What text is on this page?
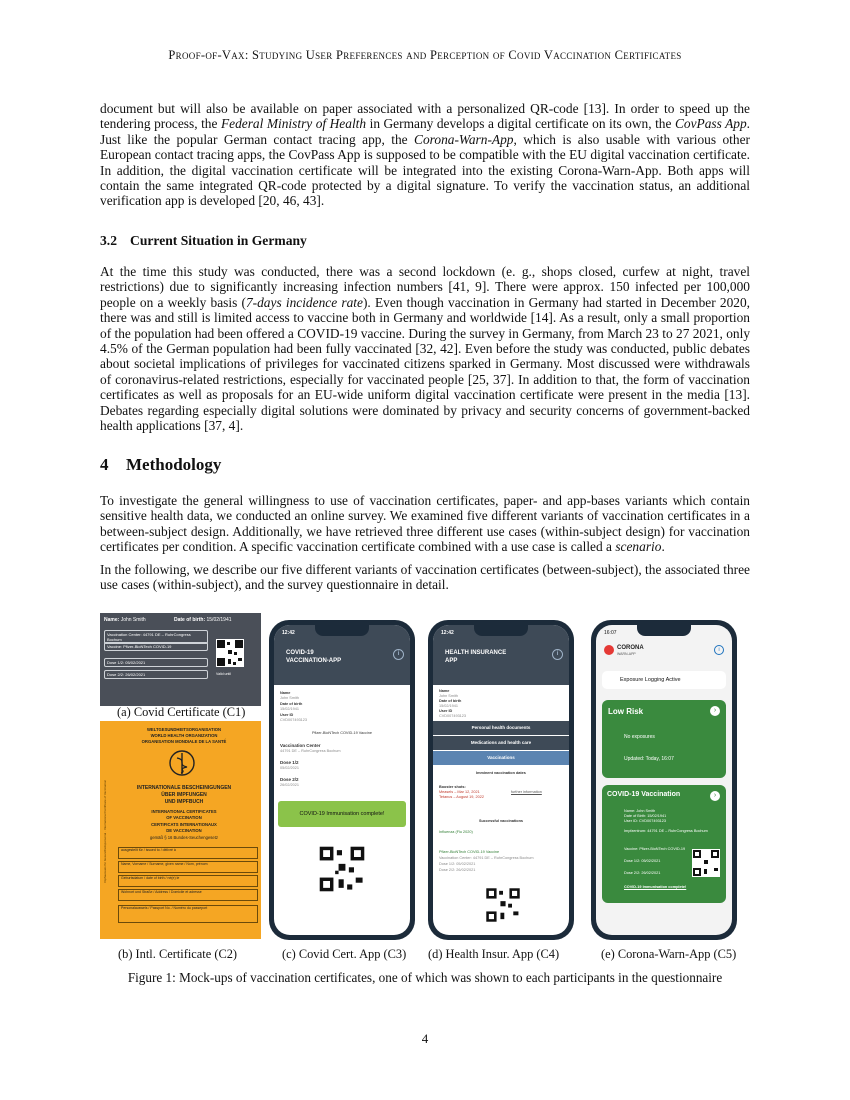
Proof-of-Vax: Studying User Preferences and Perception of Covid Vaccination Certificates

document but will also be available on paper associated with a personalized QR-code [13]. In order to speed up the tendering process, the Federal Ministry of Health in Germany develops a digital certificate on its own, the CovPass App. Just like the popular German contact tracing app, the Corona-Warn-App, which is also usable with various other European contact tracing apps, the CovPass App is supposed to be compatible with the EU digital vaccination certificate. In addition, the digital vaccination certificate will be integrated into the existing Corona-Warn-App. Both apps will contain the same integrated QR-code protected by a digital signature. To verify the vaccination status, an additional verification app is developed [20, 46, 43].

3.2 Current Situation in Germany

At the time this study was conducted, there was a second lockdown (e. g., shops closed, curfew at night, travel restrictions) due to significantly increasing infection numbers [41, 9]. There were approx. 150 infected per 100,000 people on a weekly basis (7-days incidence rate). Even though vaccination in Germany had started in December 2020, there was and still is limited access to vaccine both in Germany and worldwide [14]. As a result, only a small proportion of the population had been offered a COVID-19 vaccine. During the survey in Germany, from March 23 to 27 2021, only 4.5% of the German population had been fully vaccinated [32, 42]. Even before the study was conducted, public debates about societal implications of privileges for vaccinated citizens sparked in Germany. Most discussed were withdrawals of coronavirus-related restrictions, especially for vaccinated people [25, 37]. In addition to that, the form of vaccination certificates as well as proposals for an EU-wide uniform digital vaccination certificate were present in the media [13]. Debates regarding especially digital solutions were dominated by privacy and security concerns of government-backed health applications [37, 4].

4 Methodology

To investigate the general willingness to use of vaccination certificates, paper- and app-bases variants which contain sensitive health data, we conducted an online survey. We examined five different variants of vaccination certificates in a between-subject design. Additionally, we have retrieved three different use cases (within-subject design) for vaccination certificates per condition. A specific vaccination certificate combined with a use case is called a scenario.

In the following, we describe our five different variants of vaccination certificates (between-subject), the associated three use cases (within-subject), and the survey questionnaire in detail.

Name: John Smith	Date of birth: 15/02/1941
Vaccination Center: 44791 DE – RuhrCongress Bochum
Vaccine: Pfizer-BioNTech COVID-19
Dose 1/2: 05/02/2021
Dose 2/2: 26/02/2021	Valid until
(a) Covid Certificate (C1)
Impfausweis für Gesundheitspersonal · International Certificate of Vaccination
WELTGESUNDHEITSORGANISATION
WORLD HEALTH ORGANIZATION
ORGANISATION MONDIALE DE LA SANTÉ
INTERNATIONALE BESCHEINIGUNGEN
ÜBER IMPFUNGEN
UND IMPFBUCH
INTERNATIONAL CERTIFICATES
OF VACCINATION
CERTIFICATS INTERNATIONAUX
DE VACCINATION
gemäß § 16 Bundes-Seuchengesetz
ausgestellt für / issued to / délivré à
Name, Vorname / Surname, given name / Nom, prénom
Geburtsdatum / date of birth / né(e) le
Wohnort und Straße / Address / Domicile et adresse
Personalausweis / Passport No. / Numéro du passeport
(b) Intl. Certificate (C2)
12:42
COVID-19
VACCINATION-APP
i
Name
John Smith
Date of birth
15/02/1941
User ID
CVD007493123
Pfizer-BioNTech COVID-19 Vaccine
Vaccination Center
44791 DE – RuhrCongress Bochum
Dose 1/2
05/02/2021
Dose 2/2
26/02/2021
COVID-19 Immunisation complete!
(c) Covid Cert. App (C3)
12:42
HEALTH INSURANCE
APP
i
Name
John Smith
Date of birth
15/02/1941
User ID
CVD007493123
Personal health documents
Medications and health care
Vaccinations
Imminent vaccination dates
Booster shots:
Measels – Mar 12, 2021
Tetanus – August 19, 2022
further information
Successful vaccinations
Influenza (Flu 2020)
Pfizer-BioNTech COVID-19 Vaccine
Vaccination Center: 44791 DE – RuhrCongress Bochum
Dose 1/2: 05/02/2021
Dose 2/2: 26/02/2021
(d) Health Insur. App (C4)
16:07
CORONA
WARN-APP
i
Exposure Logging Active
Low Risk	›
No exposures
Updated: Today, 16:07
COVID-19 Vaccination	›
Name: John Smith
Date of Birth: 15/02/1941
User ID: CVD007493123
Impfzentrum: 44791 DE – RuhrCongress Bochum
Vaccine: Pfizer-BioNTech COVID-19
Dose 1/2: 05/02/2021
Dose 2/2: 26/02/2021
COVID-19 Immunisation complete!
(e) Corona-Warn-App (C5)
Figure 1: Mock-ups of vaccination certificates, one of which was shown to each participants in the questionnaire
4
